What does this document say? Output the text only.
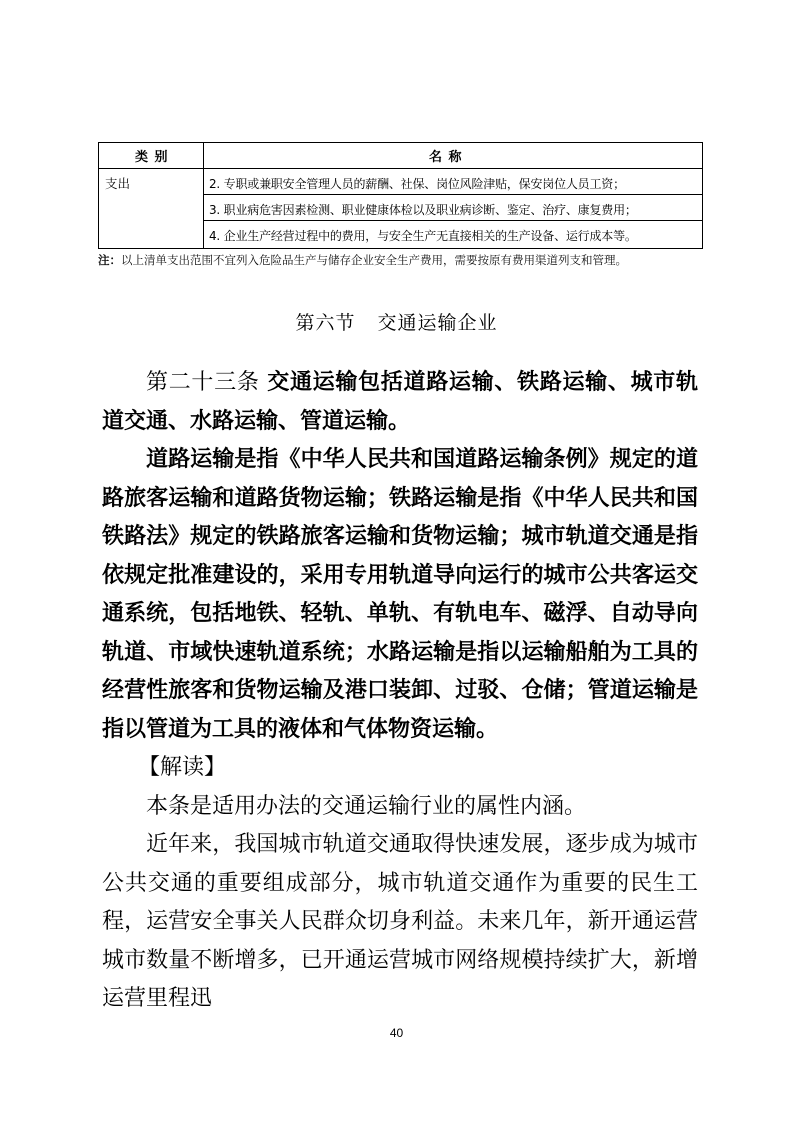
类 别	名 称
支出	2. 专职或兼职安全管理人员的薪酬、社保、岗位风险津贴，保安岗位人员工资；
3. 职业病危害因素检测、职业健康体检以及职业病诊断、鉴定、治疗、康复费用；
4. 企业生产经营过程中的费用，与安全生产无直接相关的生产设备、运行成本等。
注：以上清单支出范围不宜列入危险品生产与储存企业安全生产费用，需要按原有费用渠道列支和管理。
第六节 交通运输企业

第二十三条 交通运输包括道路运输、铁路运输、城市轨道交通、水路运输、管道运输。

道路运输是指《中华人民共和国道路运输条例》规定的道路旅客运输和道路货物运输；铁路运输是指《中华人民共和国铁路法》规定的铁路旅客运输和货物运输；城市轨道交通是指依规定批准建设的，采用专用轨道导向运行的城市公共客运交通系统，包括地铁、轻轨、单轨、有轨电车、磁浮、自动导向轨道、市域快速轨道系统；水路运输是指以运输船舶为工具的经营性旅客和货物运输及港口装卸、过驳、仓储；管道运输是指以管道为工具的液体和气体物资运输。

【解读】

本条是适用办法的交通运输行业的属性内涵。

近年来，我国城市轨道交通取得快速发展，逐步成为城市公共交通的重要组成部分，城市轨道交通作为重要的民生工程，运营安全事关人民群众切身利益。未来几年，新开通运营城市数量不断增多，已开通运营城市网络规模持续扩大，新增运营里程迅

40
